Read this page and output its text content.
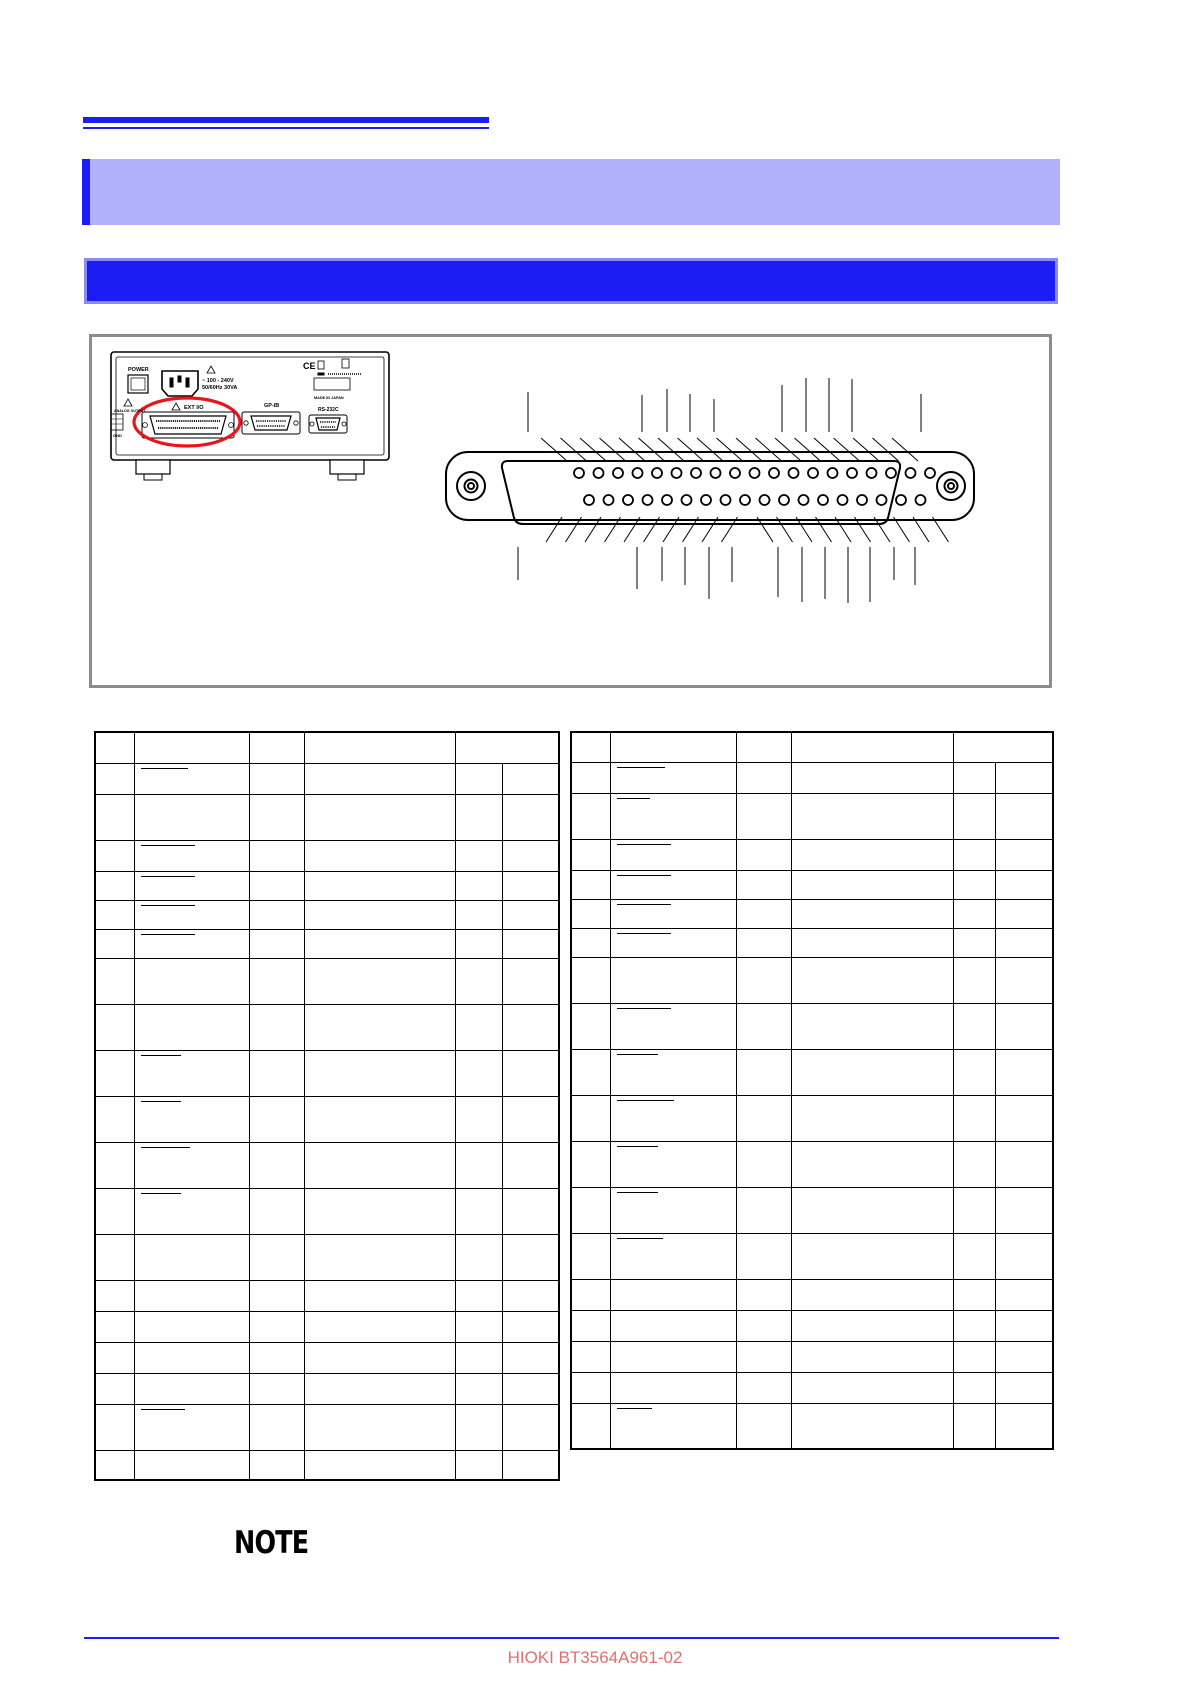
CE
POWER
~ 100 - 240V
50/60Hz 30VA
EXT I/O	GP-IB
RS-232C
MADE IN JAPAN
ANALOG OUTPUT
GND

NOTE
HIOKI BT3564A961-02
